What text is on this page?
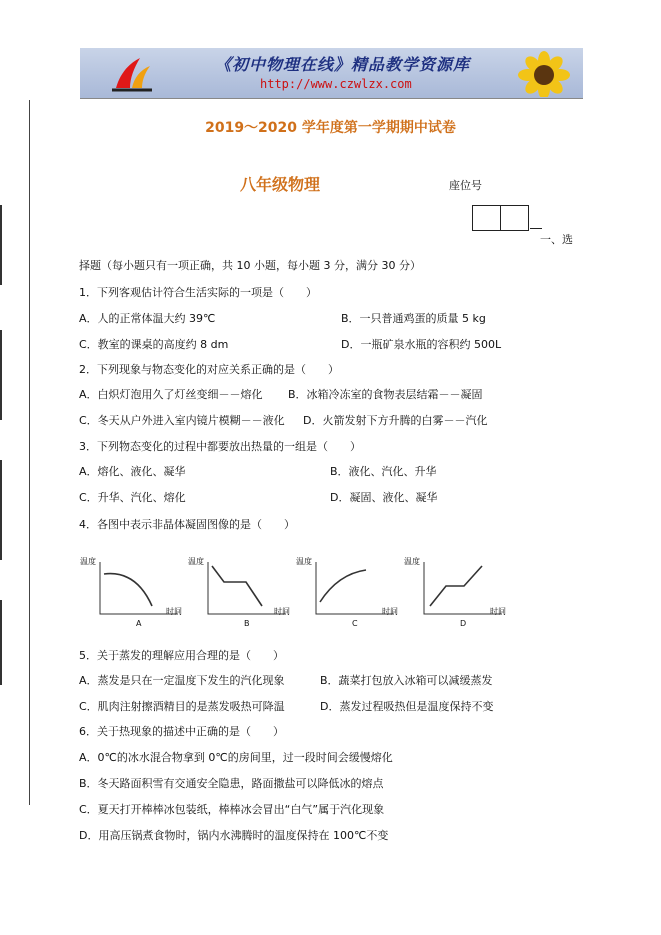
《初中物理在线》精品教学资源库
http://www.czwlzx.com
2019～2020 学年度第一学期期中试卷
八年级物理	座位号
一、选
择题（每小题只有一项正确，共 10 小题，每小题 3 分，满分 30 分）
1．下列客观估计符合生活实际的一项是（　　）
A．人的正常体温大约 39℃	B．一只普通鸡蛋的质量 5 kg
C．教室的课桌的高度约 8 dm	D．一瓶矿泉水瓶的容积约 500L
2．下列现象与物态变化的对应关系正确的是（　　）
A．白炽灯泡用久了灯丝变细－－熔化 B．冰箱冷冻室的食物表层结霜－－凝固
C．冬天从户外进入室内镜片模糊－－液化 D．火箭发射下方升腾的白雾－－汽化
3．下列物态变化的过程中都要放出热量的一组是（　　）
A．熔化、液化、凝华	B．液化、汽化、升华
C．升华、汽化、熔化	D．凝固、液化、凝华
4．各图中表示非晶体凝固图像的是（　　）
温度
时间
A
温度
时间
B
温度
时间
C
温度
时间
D
5．关于蒸发的理解应用合理的是（　　）
A．蒸发是只在一定温度下发生的汽化现象	B．蔬菜打包放入冰箱可以减缓蒸发
C．肌肉注射擦酒精目的是蒸发吸热可降温	D．蒸发过程吸热但是温度保持不变
6．关于热现象的描述中正确的是（　　）
A．0℃的冰水混合物拿到 0℃的房间里，过一段时间会缓慢熔化
B．冬天路面积雪有交通安全隐患，路面撒盐可以降低冰的熔点
C．夏天打开棒棒冰包装纸，棒棒冰会冒出“白气”属于汽化现象
D．用高压锅煮食物时，锅内水沸腾时的温度保持在 100℃不变
